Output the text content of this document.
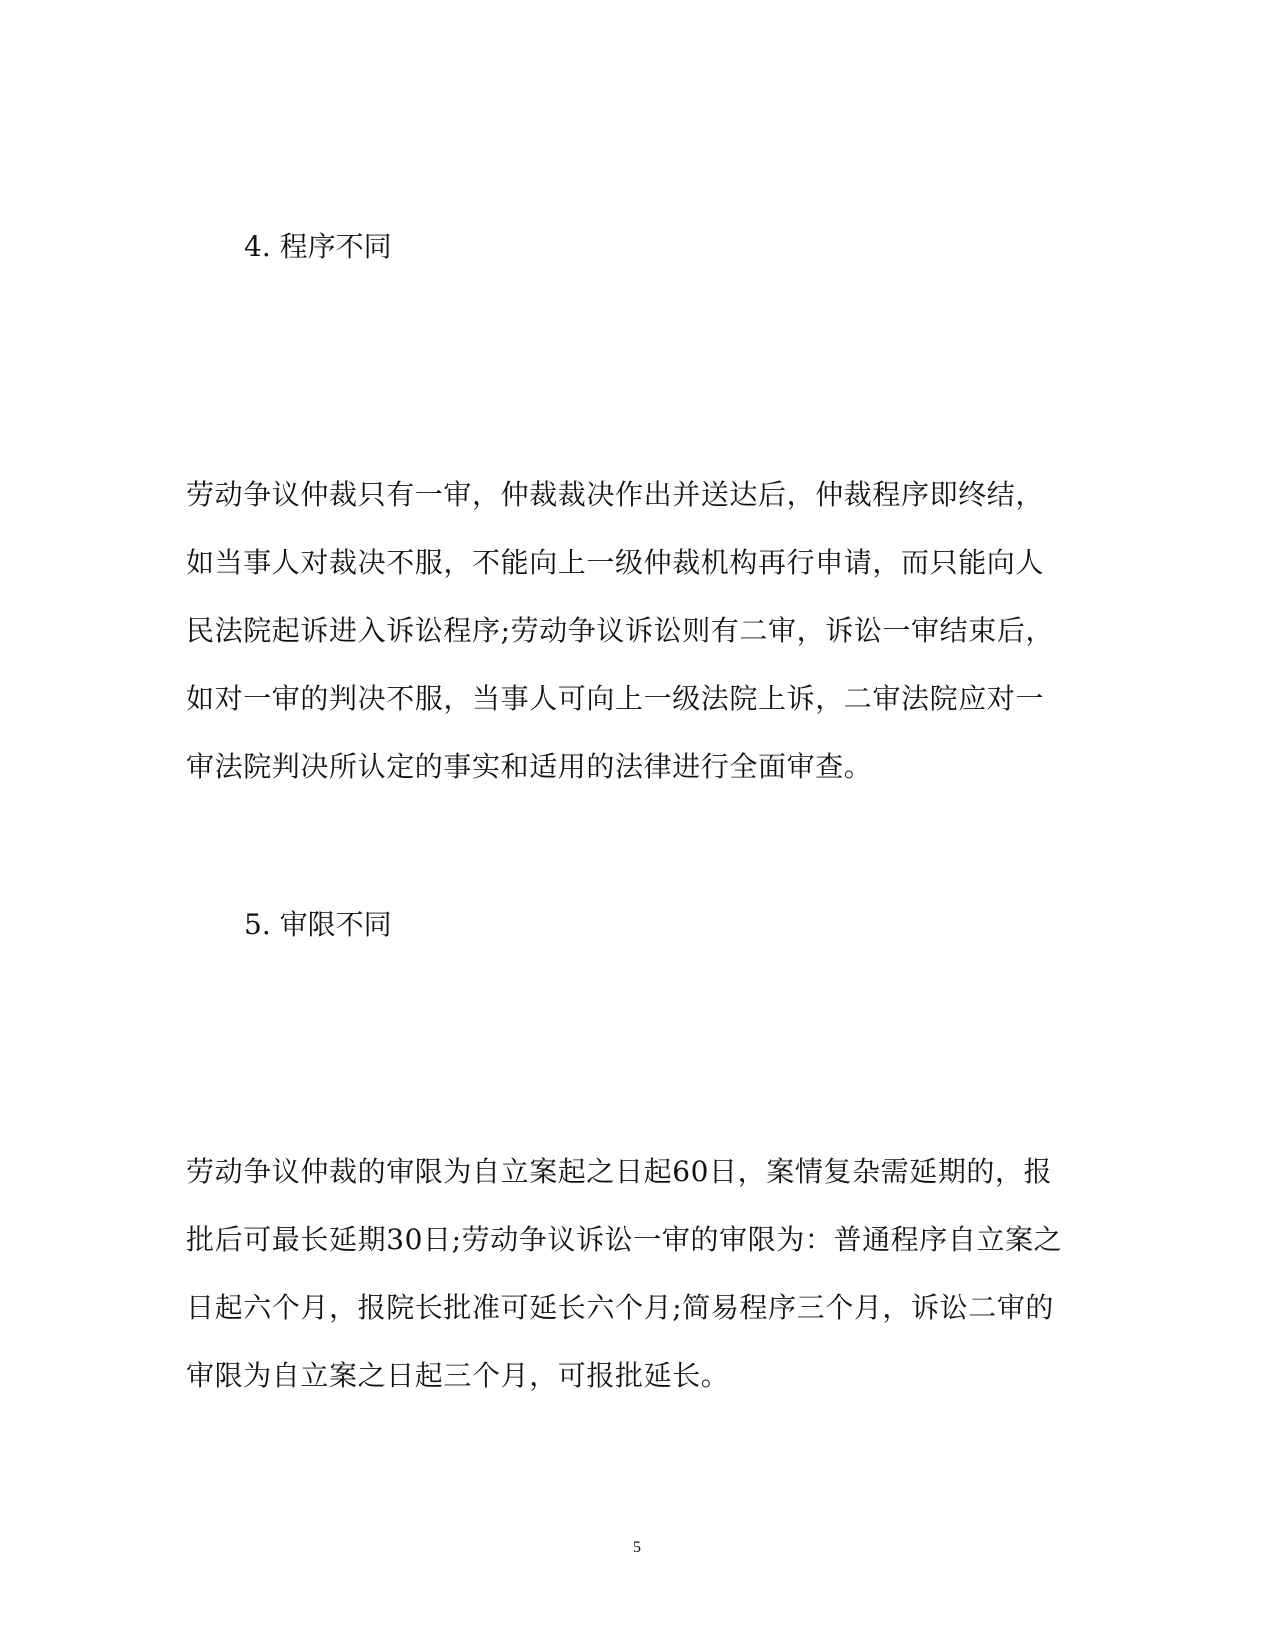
4. 程序不同
劳动争议仲裁只有一审，仲裁裁决作出并送达后，仲裁程序即终结，
如当事人对裁决不服，不能向上一级仲裁机构再行申请，而只能向人
民法院起诉进入诉讼程序;劳动争议诉讼则有二审，诉讼一审结束后，
如对一审的判决不服，当事人可向上一级法院上诉，二审法院应对一
审法院判决所认定的事实和适用的法律进行全面审查。
5. 审限不同
劳动争议仲裁的审限为自立案起之日起60日，案情复杂需延期的，报
批后可最长延期30日;劳动争议诉讼一审的审限为：普通程序自立案之
日起六个月，报院长批准可延长六个月;简易程序三个月，诉讼二审的
审限为自立案之日起三个月，可报批延长。
5
